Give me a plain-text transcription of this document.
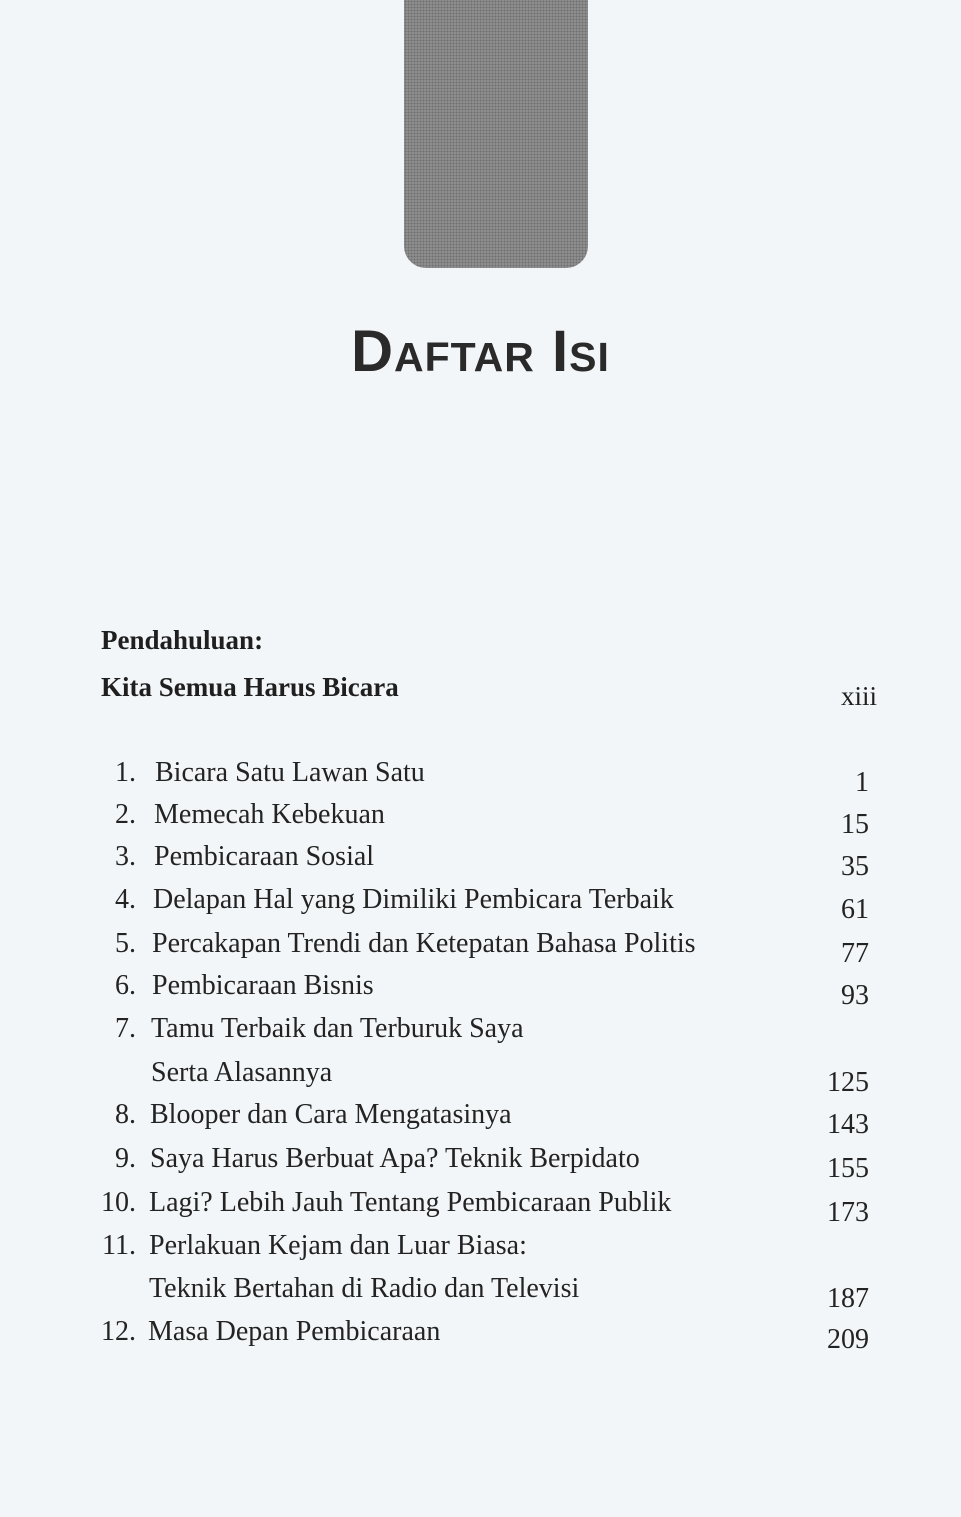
Daftar Isi
Pendahuluan:
Kita Semua Harus Bicara	xiii
1. Bicara Satu Lawan Satu	1
2. Memecah Kebekuan	15
3. Pembicaraan Sosial	35
4. Delapan Hal yang Dimiliki Pembicara Terbaik	61
5. Percakapan Trendi dan Ketepatan Bahasa Politis	77
6. Pembicaraan Bisnis	93
7. Tamu Terbaik dan Terburuk Saya
Serta Alasannya	125
8. Blooper dan Cara Mengatasinya	143
9. Saya Harus Berbuat Apa? Teknik Berpidato	155
10. Lagi? Lebih Jauh Tentang Pembicaraan Publik	173
11. Perlakuan Kejam dan Luar Biasa:
Teknik Bertahan di Radio dan Televisi	187
12. Masa Depan Pembicaraan	209
